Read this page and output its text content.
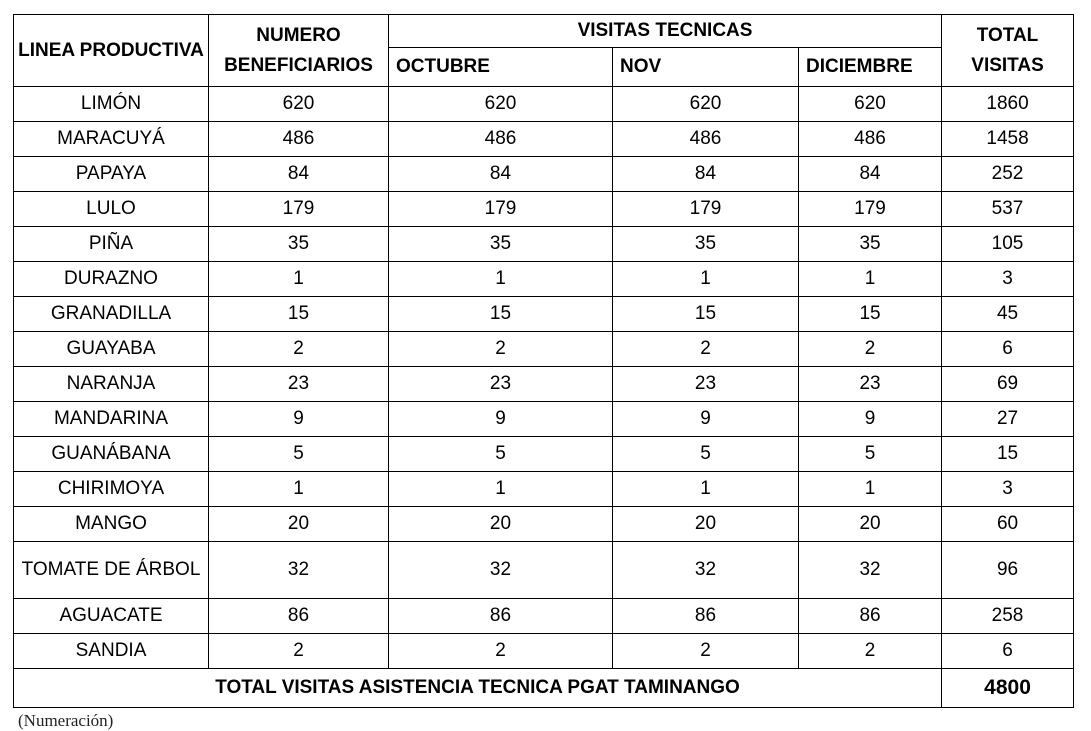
LINEA PRODUCTIVA	NUMERO BENEFICIARIOS	VISITAS TECNICAS			TOTAL VISITAS
		OCTUBRE	NOV	DICIEMBRE	
LIMÓN	620	620	620	620	1860
MARACUYÁ	486	486	486	486	1458
PAPAYA	84	84	84	84	252
LULO	179	179	179	179	537
PIÑA	35	35	35	35	105
DURAZNO	1	1	1	1	3
GRANADILLA	15	15	15	15	45
GUAYABA	2	2	2	2	6
NARANJA	23	23	23	23	69
MANDARINA	9	9	9	9	27
GUANÁBANA	5	5	5	5	15
CHIRIMOYA	1	1	1	1	3
MANGO	20	20	20	20	60
TOMATE DE ÁRBOL	32	32	32	32	96
AGUACATE	86	86	86	86	258
SANDIA	2	2	2	2	6
TOTAL VISITAS ASISTENCIA TECNICA PGAT TAMINANGO					4800
(Numeración)
